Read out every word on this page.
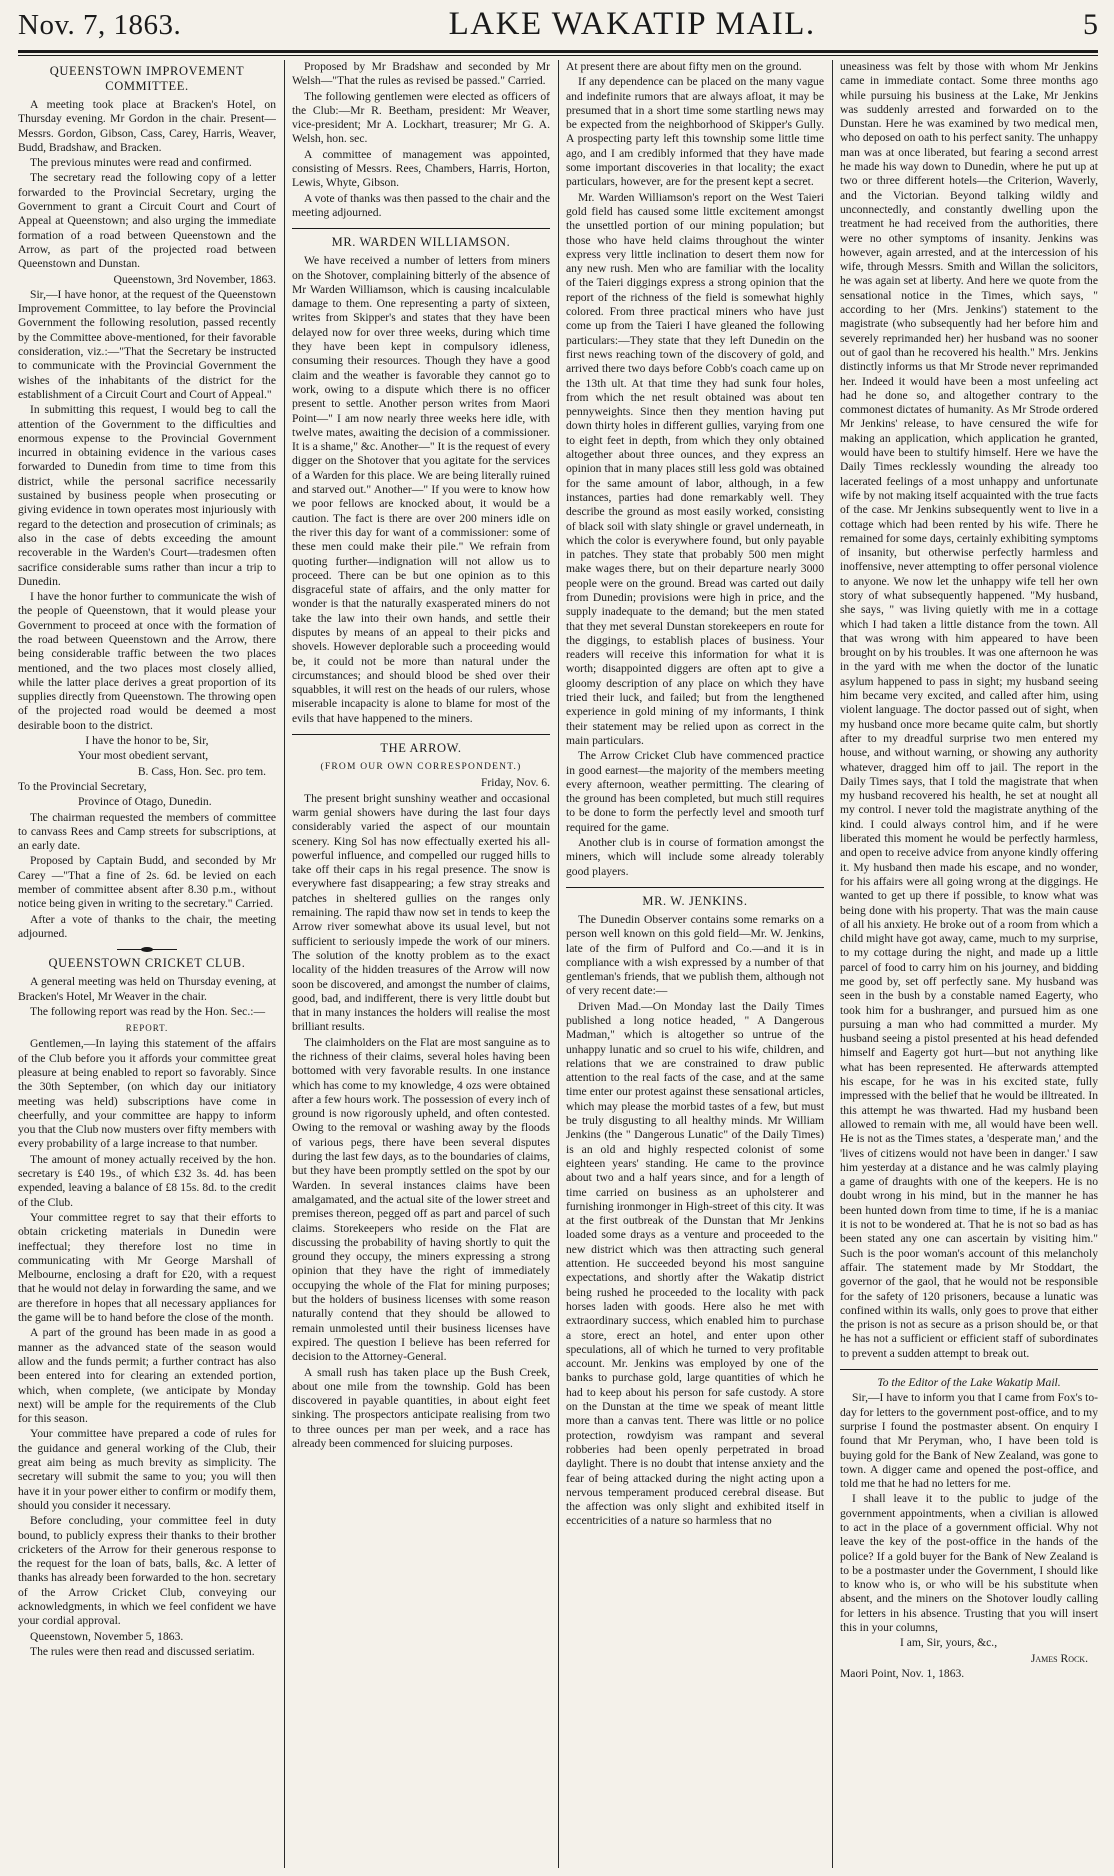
Nov. 7, 1863.	LAKE WAKATIP MAIL.	5
QUEENSTOWN IMPROVEMENT COMMITTEE.

A meeting took place at Bracken's Hotel, on Thursday evening. Mr Gordon in the chair. Present—Messrs. Gordon, Gibson, Cass, Carey, Harris, Weaver, Budd, Bradshaw, and Bracken.

The previous minutes were read and confirmed.

The secretary read the following copy of a letter forwarded to the Provincial Secretary, urging the Government to grant a Circuit Court and Court of Appeal at Queenstown; and also urging the immediate formation of a road between Queenstown and the Arrow, as part of the projected road between Queenstown and Dunstan.

Queenstown, 3rd November, 1863.

Sir,—I have honor, at the request of the Queenstown Improvement Committee, to lay before the Provincial Government the following resolution, passed recently by the Committee above-mentioned, for their favorable consideration, viz.:—"That the Secretary be instructed to communicate with the Provincial Government the wishes of the inhabitants of the district for the establishment of a Circuit Court and Court of Appeal."

In submitting this request, I would beg to call the attention of the Government to the difficulties and enormous expense to the Provincial Government incurred in obtaining evidence in the various cases forwarded to Dunedin from time to time from this district, while the personal sacrifice necessarily sustained by business people when prosecuting or giving evidence in town operates most injuriously with regard to the detection and prosecution of criminals; as also in the case of debts exceeding the amount recoverable in the Warden's Court—tradesmen often sacrifice considerable sums rather than incur a trip to Dunedin.

I have the honor further to communicate the wish of the people of Queenstown, that it would please your Government to proceed at once with the formation of the road between Queenstown and the Arrow, there being considerable traffic between the two places mentioned, and the two places most closely allied, while the latter place derives a great proportion of its supplies directly from Queenstown. The throwing open of the projected road would be deemed a most desirable boon to the district.

I have the honor to be, Sir,

Your most obedient servant,

B. Cass, Hon. Sec. pro tem.

To the Provincial Secretary,

Province of Otago, Dunedin.

The chairman requested the members of committee to canvass Rees and Camp streets for subscriptions, at an early date.

Proposed by Captain Budd, and seconded by Mr Carey —"That a fine of 2s. 6d. be levied on each member of committee absent after 8.30 p.m., without notice being given in writing to the secretary." Carried.

After a vote of thanks to the chair, the meeting adjourned.

QUEENSTOWN CRICKET CLUB.

A general meeting was held on Thursday evening, at Bracken's Hotel, Mr Weaver in the chair.

The following report was read by the Hon. Sec.:—

REPORT.

Gentlemen,—In laying this statement of the affairs of the Club before you it affords your committee great pleasure at being enabled to report so favorably. Since the 30th September, (on which day our initiatory meeting was held) subscriptions have come in cheerfully, and your committee are happy to inform you that the Club now musters over fifty members with every probability of a large increase to that number.

The amount of money actually received by the hon. secretary is £40 19s., of which £32 3s. 4d. has been expended, leaving a balance of £8 15s. 8d. to the credit of the Club.

Your committee regret to say that their efforts to obtain cricketing materials in Dunedin were ineffectual; they therefore lost no time in communicating with Mr George Marshall of Melbourne, enclosing a draft for £20, with a request that he would not delay in forwarding the same, and we are therefore in hopes that all necessary appliances for the game will be to hand before the close of the month.

A part of the ground has been made in as good a manner as the advanced state of the season would allow and the funds permit; a further contract has also been entered into for clearing an extended portion, which, when complete, (we anticipate by Monday next) will be ample for the requirements of the Club for this season.

Your committee have prepared a code of rules for the guidance and general working of the Club, their great aim being as much brevity as simplicity. The secretary will submit the same to you; you will then have it in your power either to confirm or modify them, should you consider it necessary.

Before concluding, your committee feel in duty bound, to publicly express their thanks to their brother cricketers of the Arrow for their generous response to the request for the loan of bats, balls, &c. A letter of thanks has already been forwarded to the hon. secretary of the Arrow Cricket Club, conveying our acknowledgments, in which we feel confident we have your cordial approval.

Queenstown, November 5, 1863.

The rules were then read and discussed seriatim.

Proposed by Mr Bradshaw and seconded by Mr Welsh—"That the rules as revised be passed." Carried.

The following gentlemen were elected as officers of the Club:—Mr R. Beetham, president: Mr Weaver, vice-president; Mr A. Lockhart, treasurer; Mr G. A. Welsh, hon. sec.

A committee of management was appointed, consisting of Messrs. Rees, Chambers, Harris, Horton, Lewis, Whyte, Gibson.

A vote of thanks was then passed to the chair and the meeting adjourned.

MR. WARDEN WILLIAMSON.

We have received a number of letters from miners on the Shotover, complaining bitterly of the absence of Mr Warden Williamson, which is causing incalculable damage to them. One representing a party of sixteen, writes from Skipper's and states that they have been delayed now for over three weeks, during which time they have been kept in compulsory idleness, consuming their resources. Though they have a good claim and the weather is favorable they cannot go to work, owing to a dispute which there is no officer present to settle. Another person writes from Maori Point—" I am now nearly three weeks here idle, with twelve mates, awaiting the decision of a commissioner. It is a shame," &c. Another—" It is the request of every digger on the Shotover that you agitate for the services of a Warden for this place. We are being literally ruined and starved out." Another—" If you were to know how we poor fellows are knocked about, it would be a caution. The fact is there are over 200 miners idle on the river this day for want of a commissioner: some of these men could make their pile." We refrain from quoting further—indignation will not allow us to proceed. There can be but one opinion as to this disgraceful state of affairs, and the only matter for wonder is that the naturally exasperated miners do not take the law into their own hands, and settle their disputes by means of an appeal to their picks and shovels. However deplorable such a proceeding would be, it could not be more than natural under the circumstances; and should blood be shed over their squabbles, it will rest on the heads of our rulers, whose miserable incapacity is alone to blame for most of the evils that have happened to the miners.

THE ARROW.
(FROM OUR OWN CORRESPONDENT.)

Friday, Nov. 6.

The present bright sunshiny weather and occasional warm genial showers have during the last four days considerably varied the aspect of our mountain scenery. King Sol has now effectually exerted his all-powerful influence, and compelled our rugged hills to take off their caps in his regal presence. The snow is everywhere fast disappearing; a few stray streaks and patches in sheltered gullies on the ranges only remaining. The rapid thaw now set in tends to keep the Arrow river somewhat above its usual level, but not sufficient to seriously impede the work of our miners. The solution of the knotty problem as to the exact locality of the hidden treasures of the Arrow will now soon be discovered, and amongst the number of claims, good, bad, and indifferent, there is very little doubt but that in many instances the holders will realise the most brilliant results.

The claimholders on the Flat are most sanguine as to the richness of their claims, several holes having been bottomed with very favorable results. In one instance which has come to my knowledge, 4 ozs were obtained after a few hours work. The possession of every inch of ground is now rigorously upheld, and often contested. Owing to the removal or washing away by the floods of various pegs, there have been several disputes during the last few days, as to the boundaries of claims, but they have been promptly settled on the spot by our Warden. In several instances claims have been amalgamated, and the actual site of the lower street and premises thereon, pegged off as part and parcel of such claims. Storekeepers who reside on the Flat are discussing the probability of having shortly to quit the ground they occupy, the miners expressing a strong opinion that they have the right of immediately occupying the whole of the Flat for mining purposes; but the holders of business licenses with some reason naturally contend that they should be allowed to remain unmolested until their business licenses have expired. The question I believe has been referred for decision to the Attorney-General.

A small rush has taken place up the Bush Creek, about one mile from the township. Gold has been discovered in payable quantities, in about eight feet sinking. The prospectors anticipate realising from two to three ounces per man per week, and a race has already been commenced for sluicing purposes.

At present there are about fifty men on the ground.

If any dependence can be placed on the many vague and indefinite rumors that are always afloat, it may be presumed that in a short time some startling news may be expected from the neighborhood of Skipper's Gully. A prospecting party left this township some little time ago, and I am credibly informed that they have made some important discoveries in that locality; the exact particulars, however, are for the present kept a secret.

Mr. Warden Williamson's report on the West Taieri gold field has caused some little excitement amongst the unsettled portion of our mining population; but those who have held claims throughout the winter express very little inclination to desert them now for any new rush. Men who are familiar with the locality of the Taieri diggings express a strong opinion that the report of the richness of the field is somewhat highly colored. From three practical miners who have just come up from the Taieri I have gleaned the following particulars:—They state that they left Dunedin on the first news reaching town of the discovery of gold, and arrived there two days before Cobb's coach came up on the 13th ult. At that time they had sunk four holes, from which the net result obtained was about ten pennyweights. Since then they mention having put down thirty holes in different gullies, varying from one to eight feet in depth, from which they only obtained altogether about three ounces, and they express an opinion that in many places still less gold was obtained for the same amount of labor, although, in a few instances, parties had done remarkably well. They describe the ground as most easily worked, consisting of black soil with slaty shingle or gravel underneath, in which the color is everywhere found, but only payable in patches. They state that probably 500 men might make wages there, but on their departure nearly 3000 people were on the ground. Bread was carted out daily from Dunedin; provisions were high in price, and the supply inadequate to the demand; but the men stated that they met several Dunstan storekeepers en route for the diggings, to establish places of business. Your readers will receive this information for what it is worth; disappointed diggers are often apt to give a gloomy description of any place on which they have tried their luck, and failed; but from the lengthened experience in gold mining of my informants, I think their statement may be relied upon as correct in the main particulars.

The Arrow Cricket Club have commenced practice in good earnest—the majority of the members meeting every afternoon, weather permitting. The clearing of the ground has been completed, but much still requires to be done to form the perfectly level and smooth turf required for the game.

Another club is in course of formation amongst the miners, which will include some already tolerably good players.

MR. W. JENKINS.

The Dunedin Observer contains some remarks on a person well known on this gold field—Mr. W. Jenkins, late of the firm of Pulford and Co.—and it is in compliance with a wish expressed by a number of that gentleman's friends, that we publish them, although not of very recent date:—

Driven Mad.—On Monday last the Daily Times published a long notice headed, " A Dangerous Madman," which is altogether so untrue of the unhappy lunatic and so cruel to his wife, children, and relations that we are constrained to draw public attention to the real facts of the case, and at the same time enter our protest against these sensational articles, which may please the morbid tastes of a few, but must be truly disgusting to all healthy minds. Mr William Jenkins (the " Dangerous Lunatic" of the Daily Times) is an old and highly respected colonist of some eighteen years' standing. He came to the province about two and a half years since, and for a length of time carried on business as an upholsterer and furnishing ironmonger in High-street of this city. It was at the first outbreak of the Dunstan that Mr Jenkins loaded some drays as a venture and proceeded to the new district which was then attracting such general attention. He succeeded beyond his most sanguine expectations, and shortly after the Wakatip district being rushed he proceeded to the locality with pack horses laden with goods. Here also he met with extraordinary success, which enabled him to purchase a store, erect an hotel, and enter upon other speculations, all of which he turned to very profitable account. Mr. Jenkins was employed by one of the banks to purchase gold, large quantities of which he had to keep about his person for safe custody. A store on the Dunstan at the time we speak of meant little more than a canvas tent. There was little or no police protection, rowdyism was rampant and several robberies had been openly perpetrated in broad daylight. There is no doubt that intense anxiety and the fear of being attacked during the night acting upon a nervous temperament produced cerebral disease. But the affection was only slight and exhibited itself in eccentricities of a nature so harmless that no

uneasiness was felt by those with whom Mr Jenkins came in immediate contact. Some three months ago while pursuing his business at the Lake, Mr Jenkins was suddenly arrested and forwarded on to the Dunstan. Here he was examined by two medical men, who deposed on oath to his perfect sanity. The unhappy man was at once liberated, but fearing a second arrest he made his way down to Dunedin, where he put up at two or three different hotels—the Criterion, Waverly, and the Victorian. Beyond talking wildly and unconnectedly, and constantly dwelling upon the treatment he had received from the authorities, there were no other symptoms of insanity. Jenkins was however, again arrested, and at the intercession of his wife, through Messrs. Smith and Willan the solicitors, he was again set at liberty. And here we quote from the sensational notice in the Times, which says, " according to her (Mrs. Jenkins') statement to the magistrate (who subsequently had her before him and severely reprimanded her) her husband was no sooner out of gaol than he recovered his health." Mrs. Jenkins distinctly informs us that Mr Strode never reprimanded her. Indeed it would have been a most unfeeling act had he done so, and altogether contrary to the commonest dictates of humanity. As Mr Strode ordered Mr Jenkins' release, to have censured the wife for making an application, which application he granted, would have been to stultify himself. Here we have the Daily Times recklessly wounding the already too lacerated feelings of a most unhappy and unfortunate wife by not making itself acquainted with the true facts of the case. Mr Jenkins subsequently went to live in a cottage which had been rented by his wife. There he remained for some days, certainly exhibiting symptoms of insanity, but otherwise perfectly harmless and inoffensive, never attempting to offer personal violence to anyone. We now let the unhappy wife tell her own story of what subsequently happened. "My husband, she says, " was living quietly with me in a cottage which I had taken a little distance from the town. All that was wrong with him appeared to have been brought on by his troubles. It was one afternoon he was in the yard with me when the doctor of the lunatic asylum happened to pass in sight; my husband seeing him became very excited, and called after him, using violent language. The doctor passed out of sight, when my husband once more became quite calm, but shortly after to my dreadful surprise two men entered my house, and without warning, or showing any authority whatever, dragged him off to jail. The report in the Daily Times says, that I told the magistrate that when my husband recovered his health, he set at nought all my control. I never told the magistrate anything of the kind. I could always control him, and if he were liberated this moment he would be perfectly harmless, and open to receive advice from anyone kindly offering it. My husband then made his escape, and no wonder, for his affairs were all going wrong at the diggings. He wanted to get up there if possible, to know what was being done with his property. That was the main cause of all his anxiety. He broke out of a room from which a child might have got away, came, much to my surprise, to my cottage during the night, and made up a little parcel of food to carry him on his journey, and bidding me good by, set off perfectly sane. My husband was seen in the bush by a constable named Eagerty, who took him for a bushranger, and pursued him as one pursuing a man who had committed a murder. My husband seeing a pistol presented at his head defended himself and Eagerty got hurt—but not anything like what has been represented. He afterwards attempted his escape, for he was in his excited state, fully impressed with the belief that he would be illtreated. In this attempt he was thwarted. Had my husband been allowed to remain with me, all would have been well. He is not as the Times states, a 'desperate man,' and the 'lives of citizens would not have been in danger.' I saw him yesterday at a distance and he was calmly playing a game of draughts with one of the keepers. He is no doubt wrong in his mind, but in the manner he has been hunted down from time to time, if he is a maniac it is not to be wondered at. That he is not so bad as has been stated any one can ascertain by visiting him." Such is the poor woman's account of this melancholy affair. The statement made by Mr Stoddart, the governor of the gaol, that he would not be responsible for the safety of 120 prisoners, because a lunatic was confined within its walls, only goes to prove that either the prison is not as secure as a prison should be, or that he has not a sufficient or efficient staff of subordinates to prevent a sudden attempt to break out.

To the Editor of the Lake Wakatip Mail.

Sir,—I have to inform you that I came from Fox's to-day for letters to the government post-office, and to my surprise I found the postmaster absent. On enquiry I found that Mr Peryman, who, I have been told is buying gold for the Bank of New Zealand, was gone to town. A digger came and opened the post-office, and told me that he had no letters for me.

I shall leave it to the public to judge of the government appointments, when a civilian is allowed to act in the place of a government official. Why not leave the key of the post-office in the hands of the police? If a gold buyer for the Bank of New Zealand is to be a postmaster under the Government, I should like to know who is, or who will be his substitute when absent, and the miners on the Shotover loudly calling for letters in his absence. Trusting that you will insert this in your columns,

I am, Sir, yours, &c.,

James Rock.

Maori Point, Nov. 1, 1863.
